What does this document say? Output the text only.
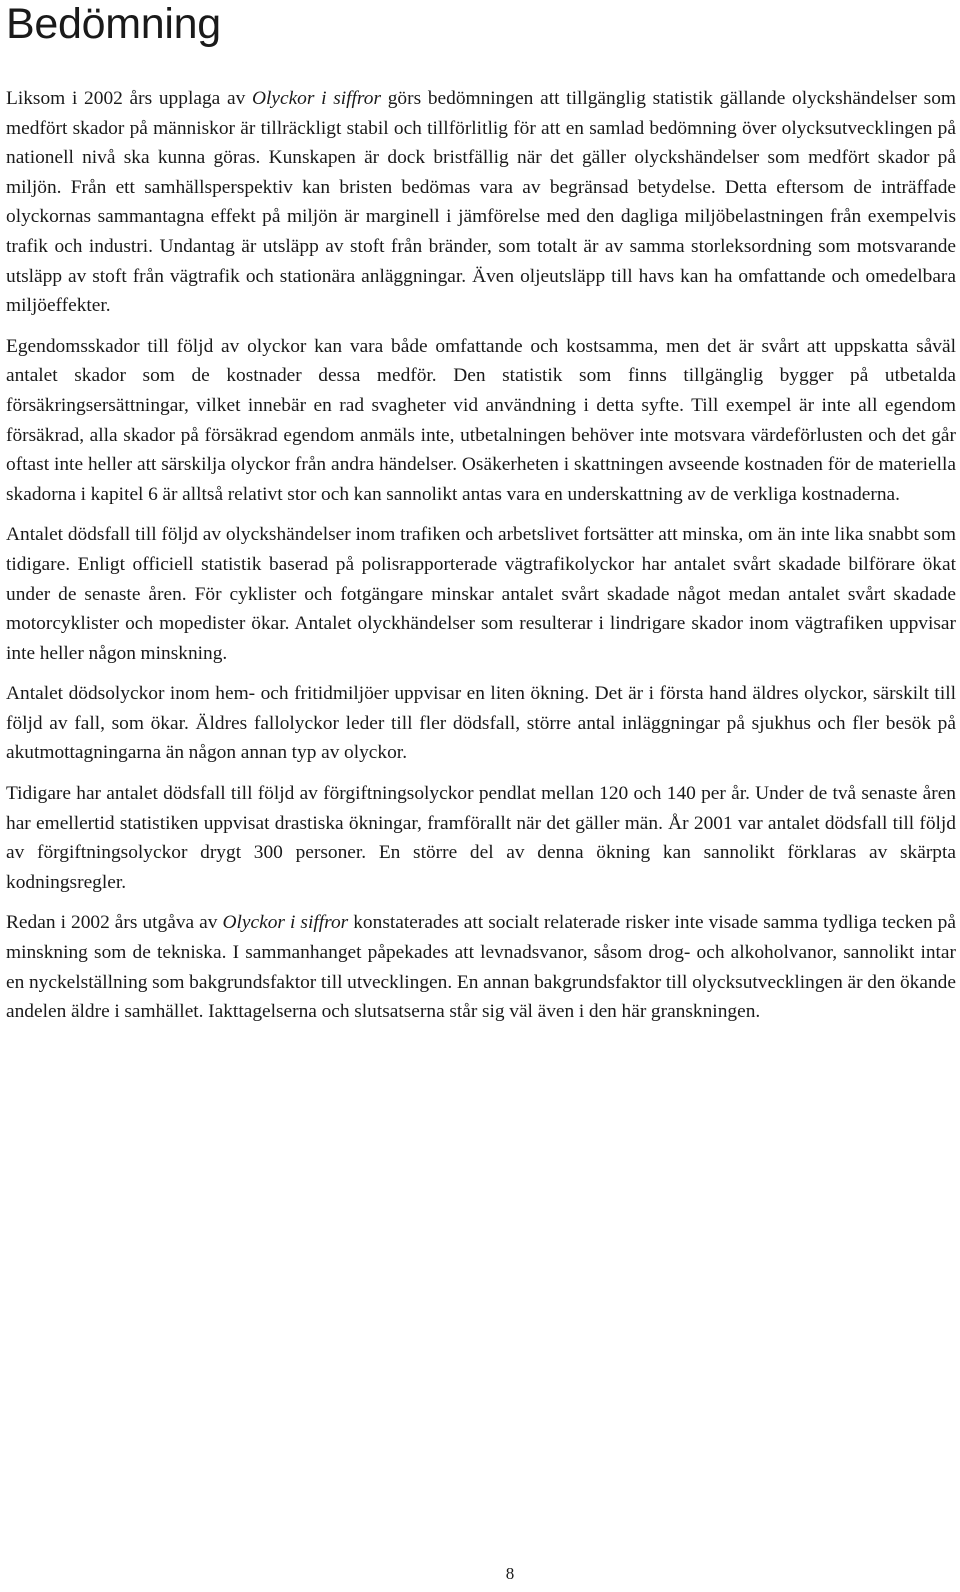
Bedömning

Liksom i 2002 års upplaga av Olyckor i siffror görs bedömningen att tillgänglig statistik gällande olyckshändelser som medfört skador på människor är tillräckligt stabil och tillförlitlig för att en samlad bedömning över olycksutvecklingen på nationell nivå ska kunna göras. Kunskapen är dock bristfällig när det gäller olyckshändelser som medfört skador på miljön. Från ett samhällsperspektiv kan bristen bedömas vara av begränsad betydelse. Detta eftersom de inträffade olyckornas sammantagna effekt på miljön är marginell i jämförelse med den dagliga miljöbelastningen från exempelvis trafik och industri. Undantag är utsläpp av stoft från bränder, som totalt är av samma storleksordning som motsvarande utsläpp av stoft från vägtrafik och stationära anläggningar. Även oljeutsläpp till havs kan ha omfattande och omedelbara miljöeffekter.

Egendomsskador till följd av olyckor kan vara både omfattande och kostsamma, men det är svårt att uppskatta såväl antalet skador som de kostnader dessa medför. Den statistik som finns tillgänglig bygger på utbetalda försäkringsersättningar, vilket innebär en rad svagheter vid användning i detta syfte. Till exempel är inte all egendom försäkrad, alla skador på försäkrad egendom anmäls inte, utbetalningen behöver inte motsvara värdeförlusten och det går oftast inte heller att särskilja olyckor från andra händelser. Osäkerheten i skattningen avseende kostnaden för de materiella skadorna i kapitel 6 är alltså relativt stor och kan sannolikt antas vara en underskattning av de verkliga kostnaderna.

Antalet dödsfall till följd av olyckshändelser inom trafiken och arbetslivet fortsätter att minska, om än inte lika snabbt som tidigare. Enligt officiell statistik baserad på polisrapporterade vägtrafikolyckor har antalet svårt skadade bilförare ökat under de senaste åren. För cyklister och fotgängare minskar antalet svårt skadade något medan antalet svårt skadade motorcyklister och mopedister ökar. Antalet olyckhändelser som resulterar i lindrigare skador inom vägtrafiken uppvisar inte heller någon minskning.

Antalet dödsolyckor inom hem- och fritidmiljöer uppvisar en liten ökning. Det är i första hand äldres olyckor, särskilt till följd av fall, som ökar. Äldres fallolyckor leder till fler dödsfall, större antal inläggningar på sjukhus och fler besök på akutmottagningarna än någon annan typ av olyckor.

Tidigare har antalet dödsfall till följd av förgiftningsolyckor pendlat mellan 120 och 140 per år. Under de två senaste åren har emellertid statistiken uppvisat drastiska ökningar, framförallt när det gäller män. År 2001 var antalet dödsfall till följd av förgiftningsolyckor drygt 300 personer. En större del av denna ökning kan sannolikt förklaras av skärpta kodningsregler.

Redan i 2002 års utgåva av Olyckor i siffror konstaterades att socialt relaterade risker inte visade samma tydliga tecken på minskning som de tekniska. I sammanhanget påpekades att levnadsvanor, såsom drog- och alkoholvanor, sannolikt intar en nyckelställning som bakgrundsfaktor till utvecklingen. En annan bakgrundsfaktor till olycksutvecklingen är den ökande andelen äldre i samhället. Iakttagelserna och slutsatserna står sig väl även i den här granskningen.

8
